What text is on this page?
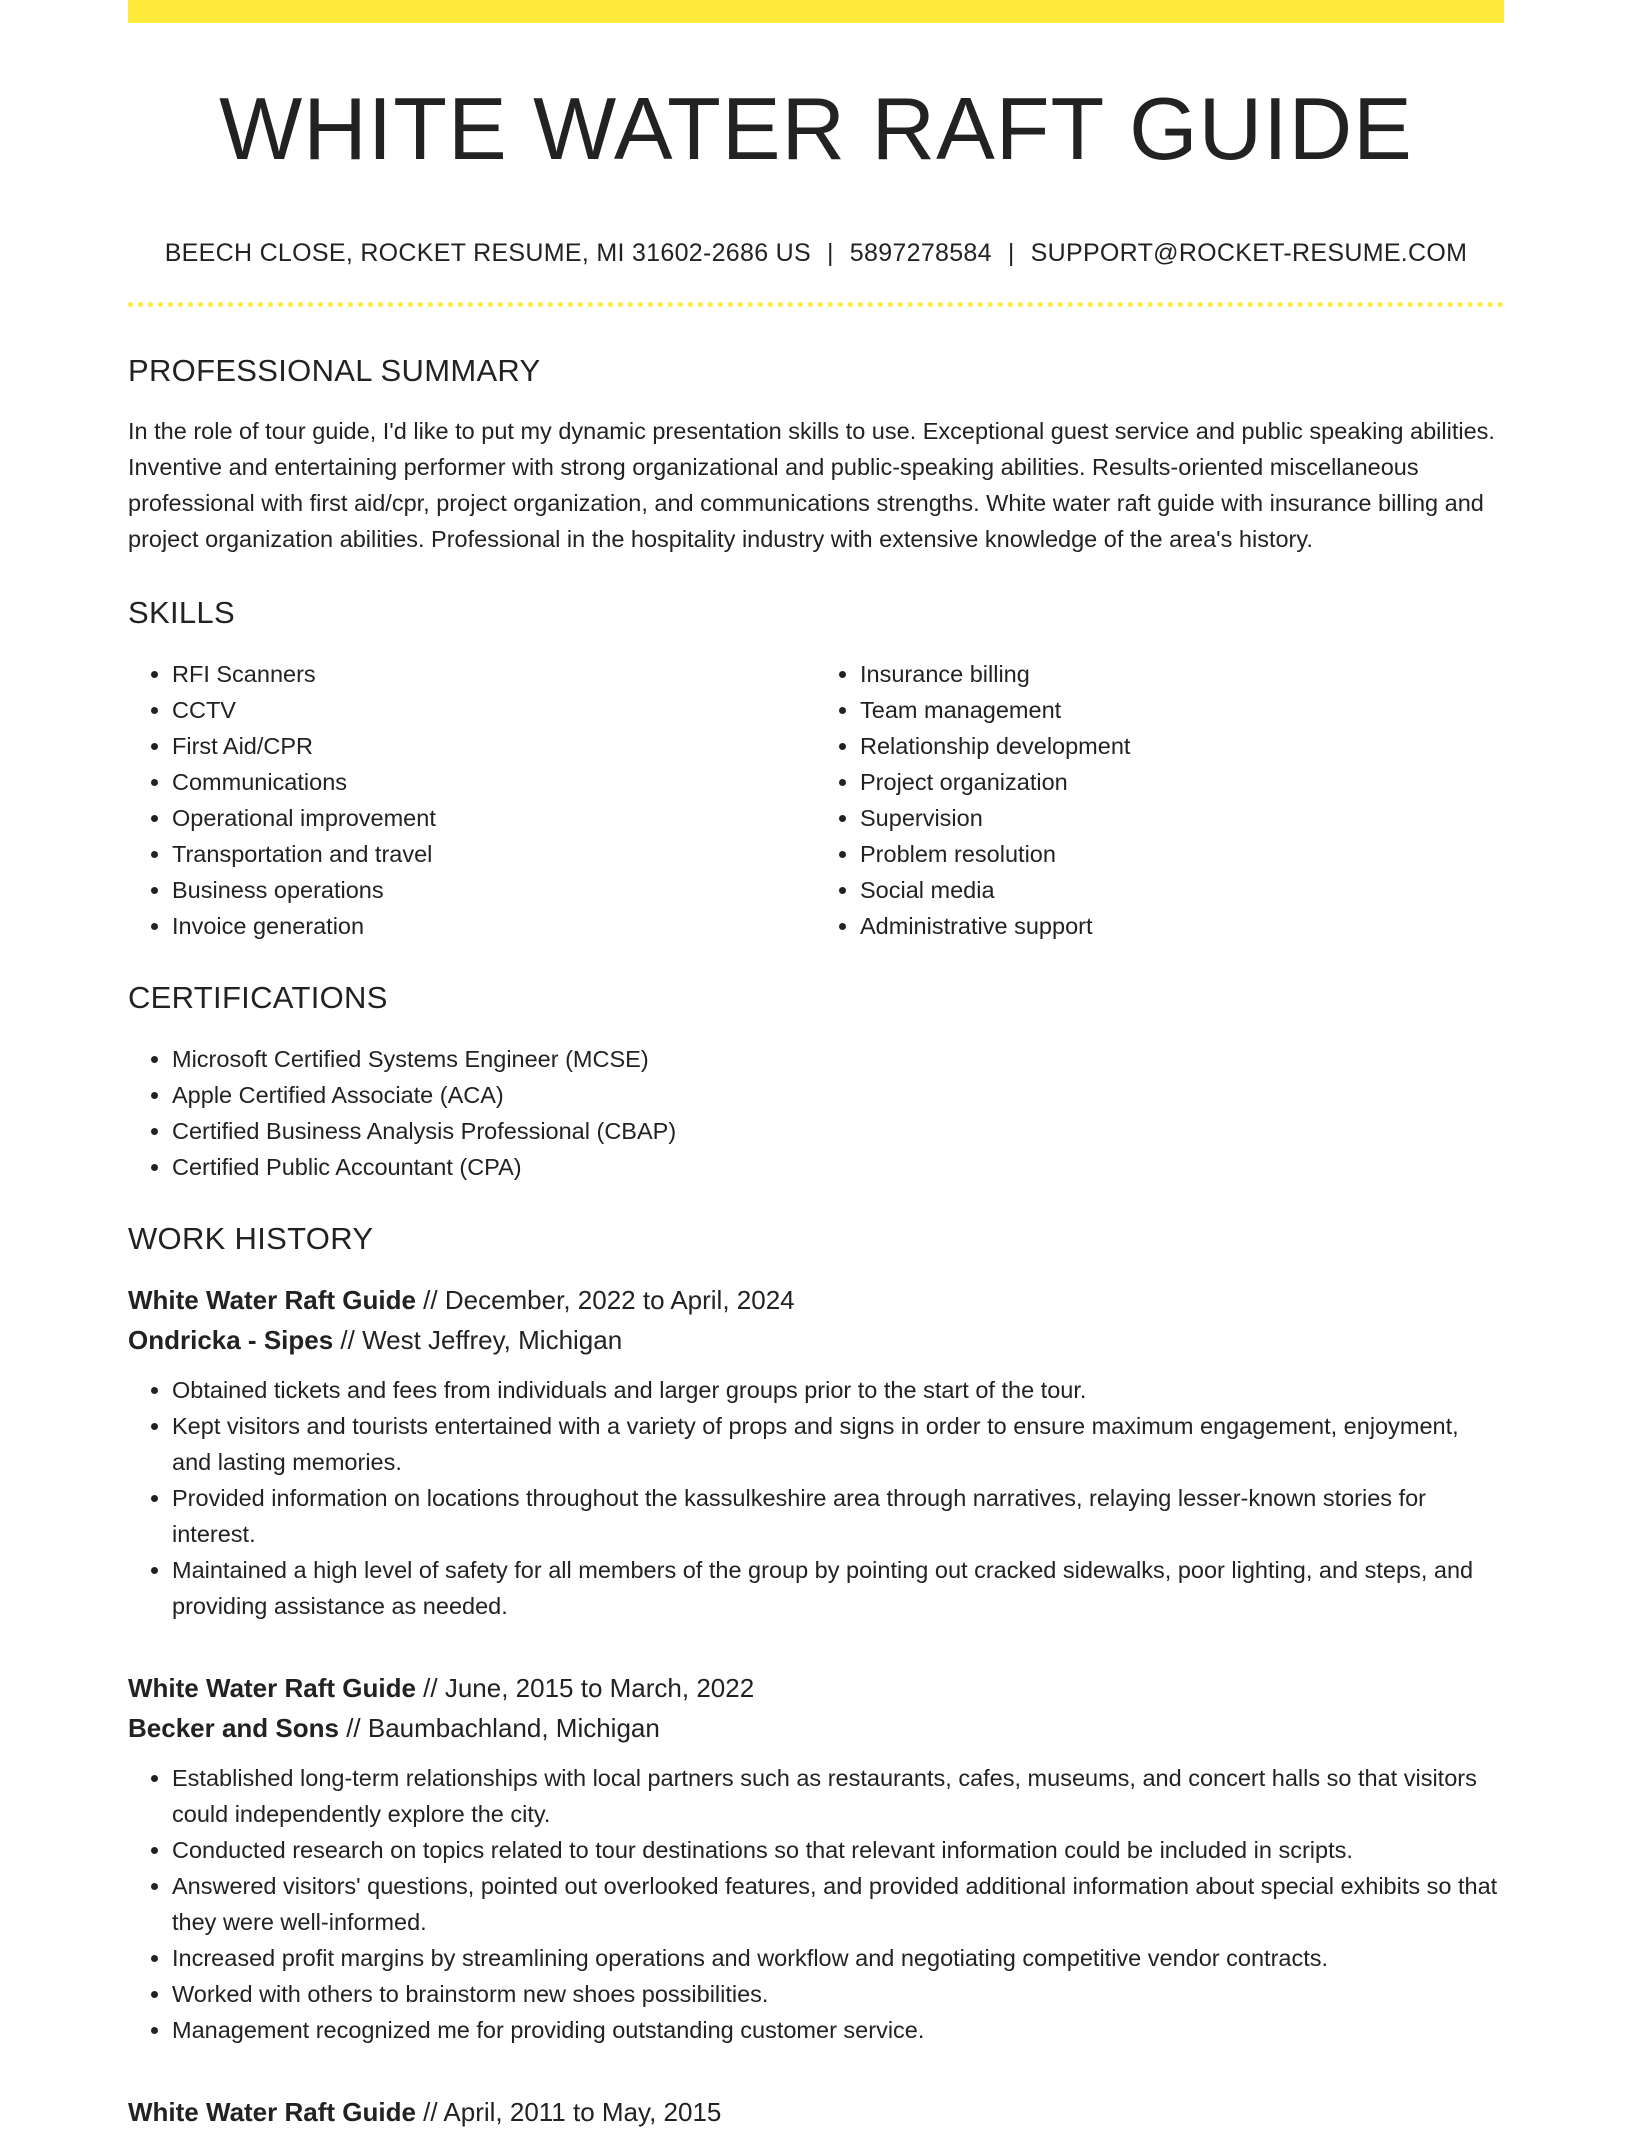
WHITE WATER RAFT GUIDE
BEECH CLOSE, ROCKET RESUME, MI 31602-2686 US | 5897278584 | SUPPORT@ROCKET-RESUME.COM
PROFESSIONAL SUMMARY
In the role of tour guide, I'd like to put my dynamic presentation skills to use. Exceptional guest service and public speaking abilities. Inventive and entertaining performer with strong organizational and public-speaking abilities. Results-oriented miscellaneous professional with first aid/cpr, project organization, and communications strengths. White water raft guide with insurance billing and project organization abilities. Professional in the hospitality industry with extensive knowledge of the area's history.
SKILLS
• RFI Scanners
• CCTV
• First Aid/CPR
• Communications
• Operational improvement
• Transportation and travel
• Business operations
• Invoice generation
• Insurance billing
• Team management
• Relationship development
• Project organization
• Supervision
• Problem resolution
• Social media
• Administrative support
CERTIFICATIONS
• Microsoft Certified Systems Engineer (MCSE)
• Apple Certified Associate (ACA)
• Certified Business Analysis Professional (CBAP)
• Certified Public Accountant (CPA)
WORK HISTORY
White Water Raft Guide // December, 2022 to April, 2024
Ondricka - Sipes // West Jeffrey, Michigan
• Obtained tickets and fees from individuals and larger groups prior to the start of the tour.
• Kept visitors and tourists entertained with a variety of props and signs in order to ensure maximum engagement, enjoyment, and lasting memories.
• Provided information on locations throughout the kassulkeshire area through narratives, relaying lesser-known stories for interest.
• Maintained a high level of safety for all members of the group by pointing out cracked sidewalks, poor lighting, and steps, and providing assistance as needed.
White Water Raft Guide // June, 2015 to March, 2022
Becker and Sons // Baumbachland, Michigan
• Established long-term relationships with local partners such as restaurants, cafes, museums, and concert halls so that visitors could independently explore the city.
• Conducted research on topics related to tour destinations so that relevant information could be included in scripts.
• Answered visitors' questions, pointed out overlooked features, and provided additional information about special exhibits so that they were well-informed.
• Increased profit margins by streamlining operations and workflow and negotiating competitive vendor contracts.
• Worked with others to brainstorm new shoes possibilities.
• Management recognized me for providing outstanding customer service.
White Water Raft Guide // April, 2011 to May, 2015
